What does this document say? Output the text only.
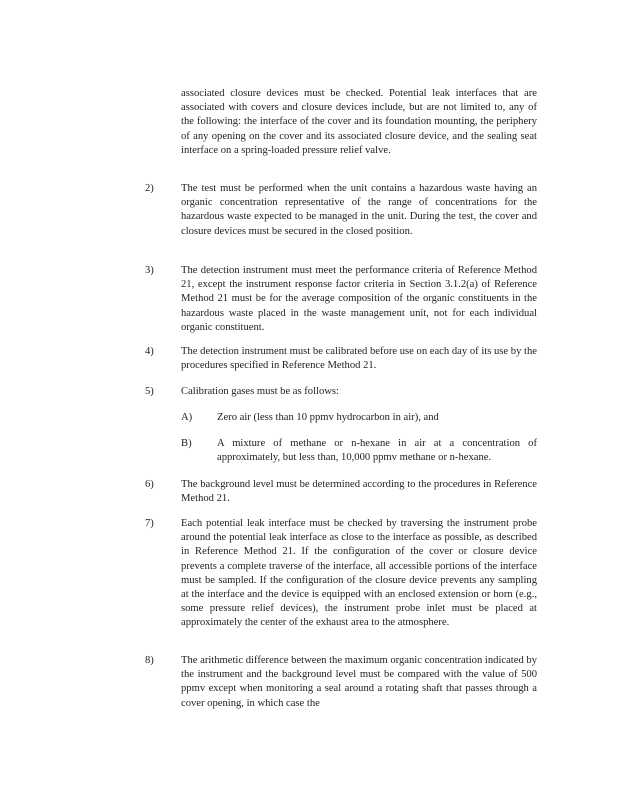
associated closure devices must be checked. Potential leak interfaces that are associated with covers and closure devices include, but are not limited to, any of the following: the interface of the cover and its foundation mounting, the periphery of any opening on the cover and its associated closure device, and the sealing seat interface on a spring-loaded pressure relief valve.
2)	The test must be performed when the unit contains a hazardous waste having an organic concentration representative of the range of concentrations for the hazardous waste expected to be managed in the unit. During the test, the cover and closure devices must be secured in the closed position.
3)	The detection instrument must meet the performance criteria of Reference Method 21, except the instrument response factor criteria in Section 3.1.2(a) of Reference Method 21 must be for the average composition of the organic constituents in the hazardous waste placed in the waste management unit, not for each individual organic constituent.
4)	The detection instrument must be calibrated before use on each day of its use by the procedures specified in Reference Method 21.
5)	Calibration gases must be as follows:
A)	Zero air (less than 10 ppmv hydrocarbon in air), and
B)	A mixture of methane or n-hexane in air at a concentration of approximately, but less than, 10,000 ppmv methane or n-hexane.
6)	The background level must be determined according to the procedures in Reference Method 21.
7)	Each potential leak interface must be checked by traversing the instrument probe around the potential leak interface as close to the interface as possible, as described in Reference Method 21. If the configuration of the cover or closure device prevents a complete traverse of the interface, all accessible portions of the interface must be sampled. If the configuration of the closure device prevents any sampling at the interface and the device is equipped with an enclosed extension or horn (e.g., some pressure relief devices), the instrument probe inlet must be placed at approximately the center of the exhaust area to the atmosphere.
8)	The arithmetic difference between the maximum organic concentration indicated by the instrument and the background level must be compared with the value of 500 ppmv except when monitoring a seal around a rotating shaft that passes through a cover opening, in which case the
